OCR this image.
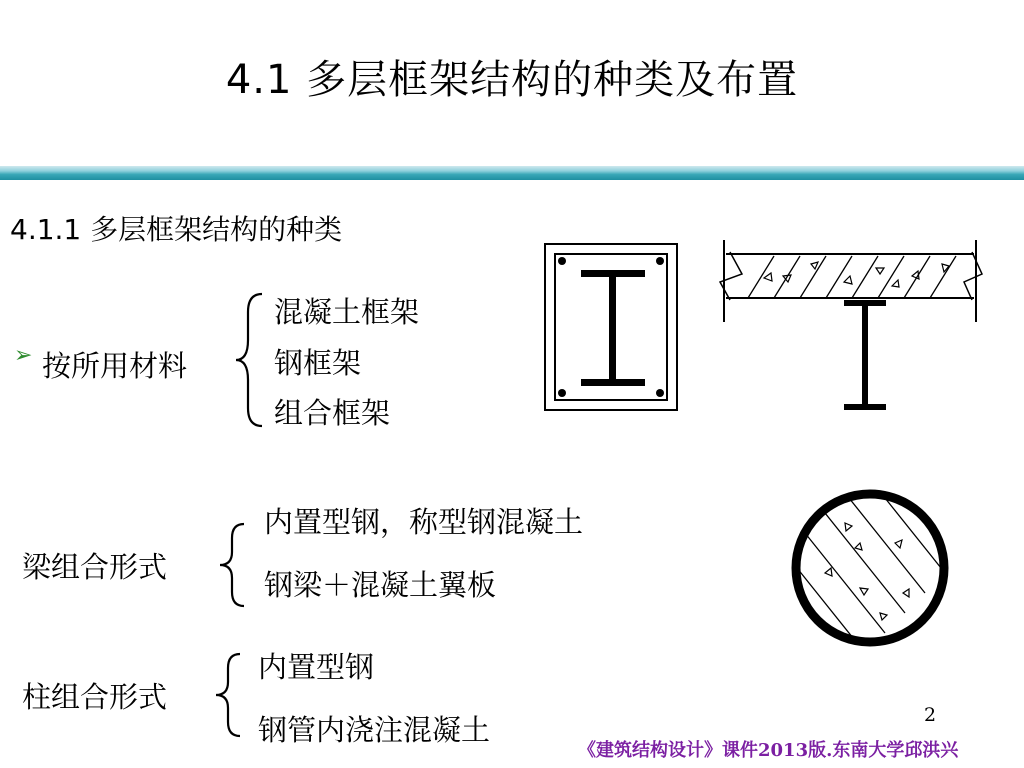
4.1 多层框架结构的种类及布置
4.1.1 多层框架结构的种类
➢ 按所用材料
混凝土框架
钢框架
组合框架
梁组合形式
内置型钢，称型钢混凝土
钢梁＋混凝土翼板
柱组合形式
内置型钢
钢管内浇注混凝土	2
《建筑结构设计》课件2013版.东南大学邱洪兴
